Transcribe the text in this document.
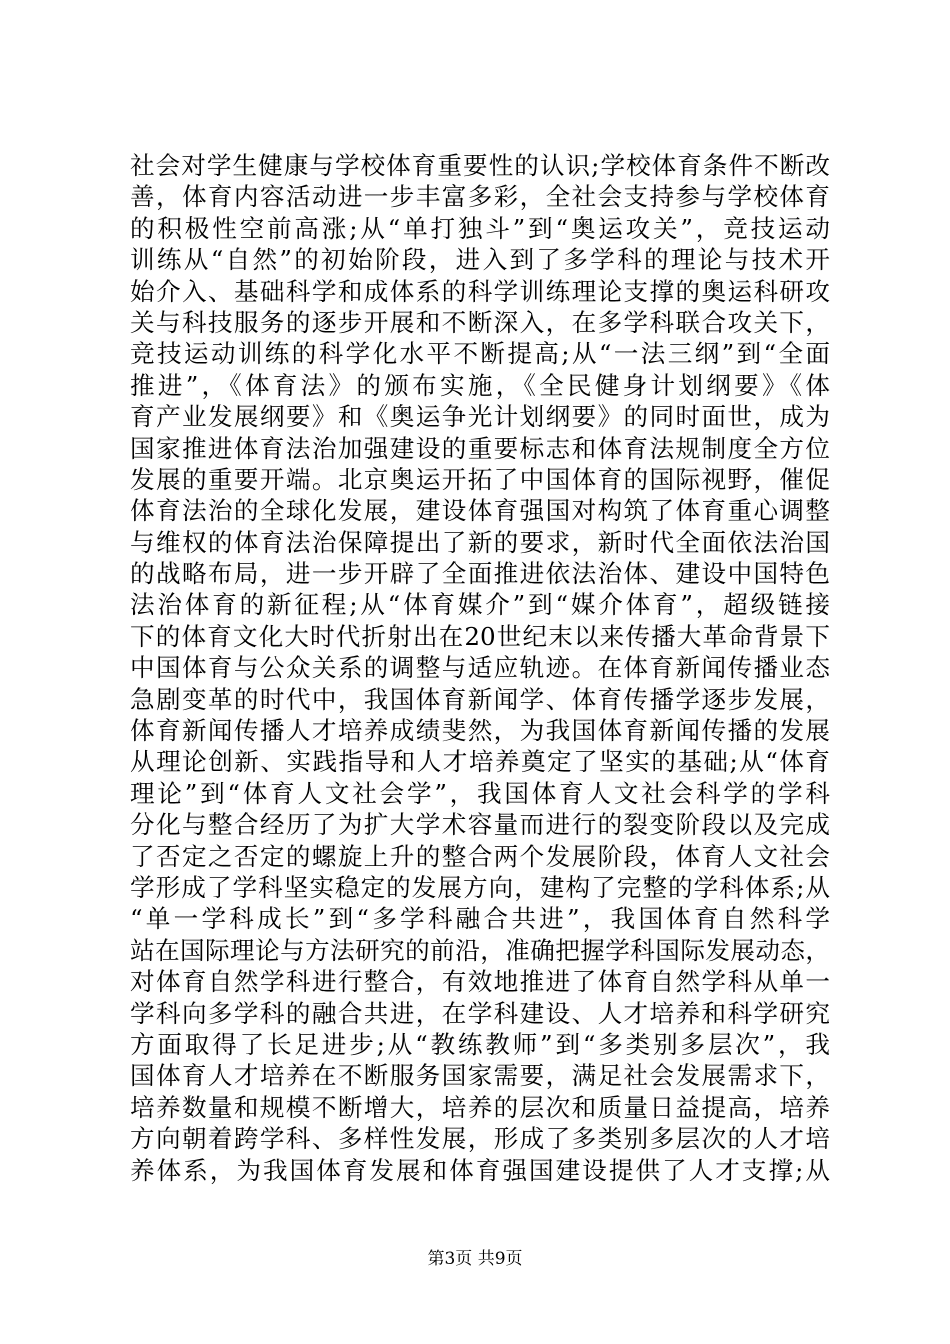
社会对学生健康与学校体育重要性的认识;学校体育条件不断改
善，体育内容活动进一步丰富多彩，全社会支持参与学校体育
的积极性空前高涨;从“单打独斗”到“奥运攻关”，竞技运动
训练从“自然”的初始阶段，进入到了多学科的理论与技术开
始介入、基础科学和成体系的科学训练理论支撑的奥运科研攻
关与科技服务的逐步开展和不断深入，在多学科联合攻关下，
竞技运动训练的科学化水平不断提高;从“一法三纲”到“全面
推进”，《体育法》的颁布实施，《全民健身计划纲要》《体
育产业发展纲要》和《奥运争光计划纲要》的同时面世，成为
国家推进体育法治加强建设的重要标志和体育法规制度全方位
发展的重要开端。北京奥运开拓了中国体育的国际视野，催促
体育法治的全球化发展，建设体育强国对构筑了体育重心调整
与维权的体育法治保障提出了新的要求，新时代全面依法治国
的战略布局，进一步开辟了全面推进依法治体、建设中国特色
法治体育的新征程;从“体育媒介”到“媒介体育”，超级链接
下的体育文化大时代折射出在20世纪末以来传播大革命背景下
中国体育与公众关系的调整与适应轨迹。在体育新闻传播业态
急剧变革的时代中，我国体育新闻学、体育传播学逐步发展，
体育新闻传播人才培养成绩斐然，为我国体育新闻传播的发展
从理论创新、实践指导和人才培养奠定了坚实的基础;从“体育
理论”到“体育人文社会学”，我国体育人文社会科学的学科
分化与整合经历了为扩大学术容量而进行的裂变阶段以及完成
了否定之否定的螺旋上升的整合两个发展阶段，体育人文社会
学形成了学科坚实稳定的发展方向，建构了完整的学科体系;从
“单一学科成长”到“多学科融合共进”，我国体育自然科学
站在国际理论与方法研究的前沿，准确把握学科国际发展动态，
对体育自然学科进行整合，有效地推进了体育自然学科从单一
学科向多学科的融合共进，在学科建设、人才培养和科学研究
方面取得了长足进步;从“教练教师”到“多类别多层次”，我
国体育人才培养在不断服务国家需要，满足社会发展需求下，
培养数量和规模不断增大，培养的层次和质量日益提高，培养
方向朝着跨学科、多样性发展，形成了多类别多层次的人才培
养体系，为我国体育发展和体育强国建设提供了人才支撑;从
第3页 共9页
